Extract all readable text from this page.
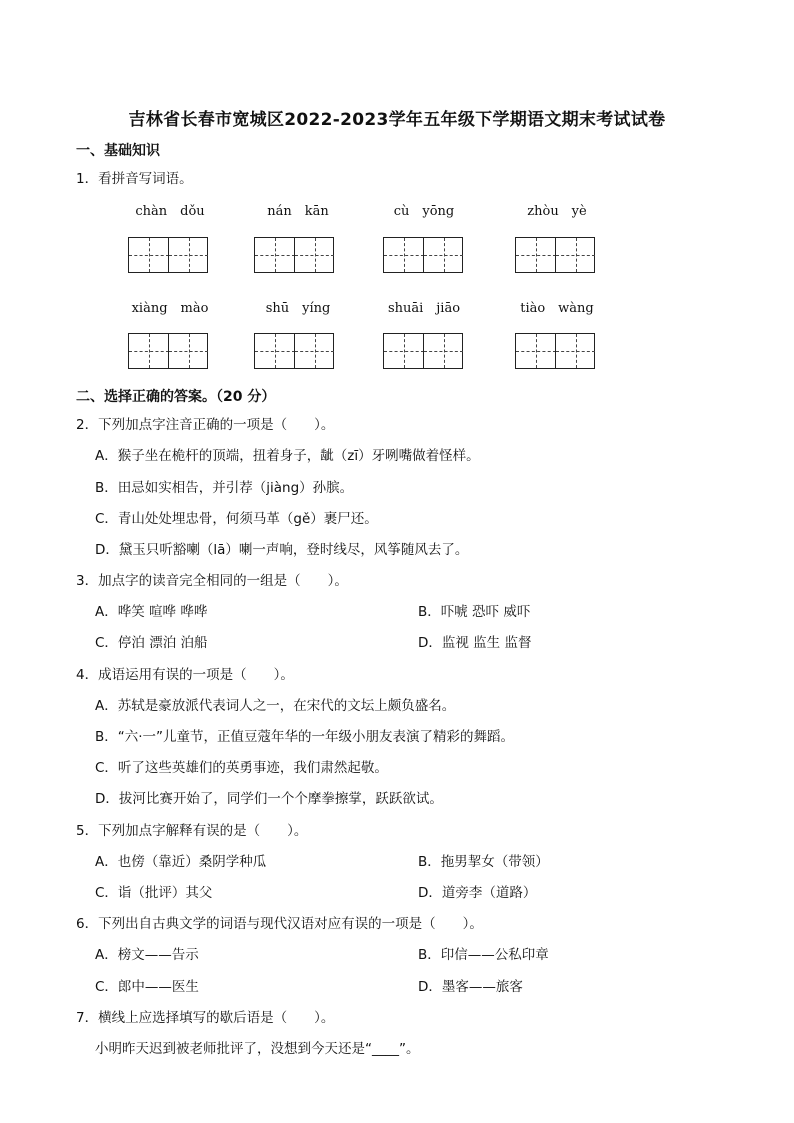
吉林省长春市宽城区2022-2023学年五年级下学期语文期末考试试卷
一、基础知识
1．看拼音写词语。
chàn　dǒu	nán　kān	cù　yōng	zhòu　yè
xiàng　mào	shū　yíng	shuāi　jiāo	tiào　wàng
二、选择正确的答案。（20 分）
2．下列加点字注音正确的一项是（　　）。
A．猴子坐在桅杆的顶端，扭着身子，龇（zī）牙咧嘴做着怪样。
B．田忌如实相告，并引荐（jiàng）孙膑。
C．青山处处埋忠骨，何须马革（gě）裹尸还。
D．黛玉只听豁喇（lā）喇一声响，登时线尽，风筝随风去了。
3．加点字的读音完全相同的一组是（　　）。
A．哗笑 喧哗 哗哗	B．吓唬 恐吓 威吓
C．停泊 漂泊 泊船	D．监视 监生 监督
4．成语运用有误的一项是（　　）。
A．苏轼是豪放派代表词人之一，在宋代的文坛上颇负盛名。
B．“六·一”儿童节，正值豆蔻年华的一年级小朋友表演了精彩的舞蹈。
C．听了这些英雄们的英勇事迹，我们肃然起敬。
D．拔河比赛开始了，同学们一个个摩拳擦掌，跃跃欲试。
5．下列加点字解释有误的是（　　）。
A．也傍（靠近）桑阴学种瓜	B．拖男挈女（带领）
C．诣（批评）其父	D．道旁李（道路）
6．下列出自古典文学的词语与现代汉语对应有误的一项是（　　）。
A．榜文——告示	B．印信——公私印章
C．郎中——医生	D．墨客——旅客
7．横线上应选择填写的歇后语是（　　）。
小明昨天迟到被老师批评了，没想到今天还是“____”。
